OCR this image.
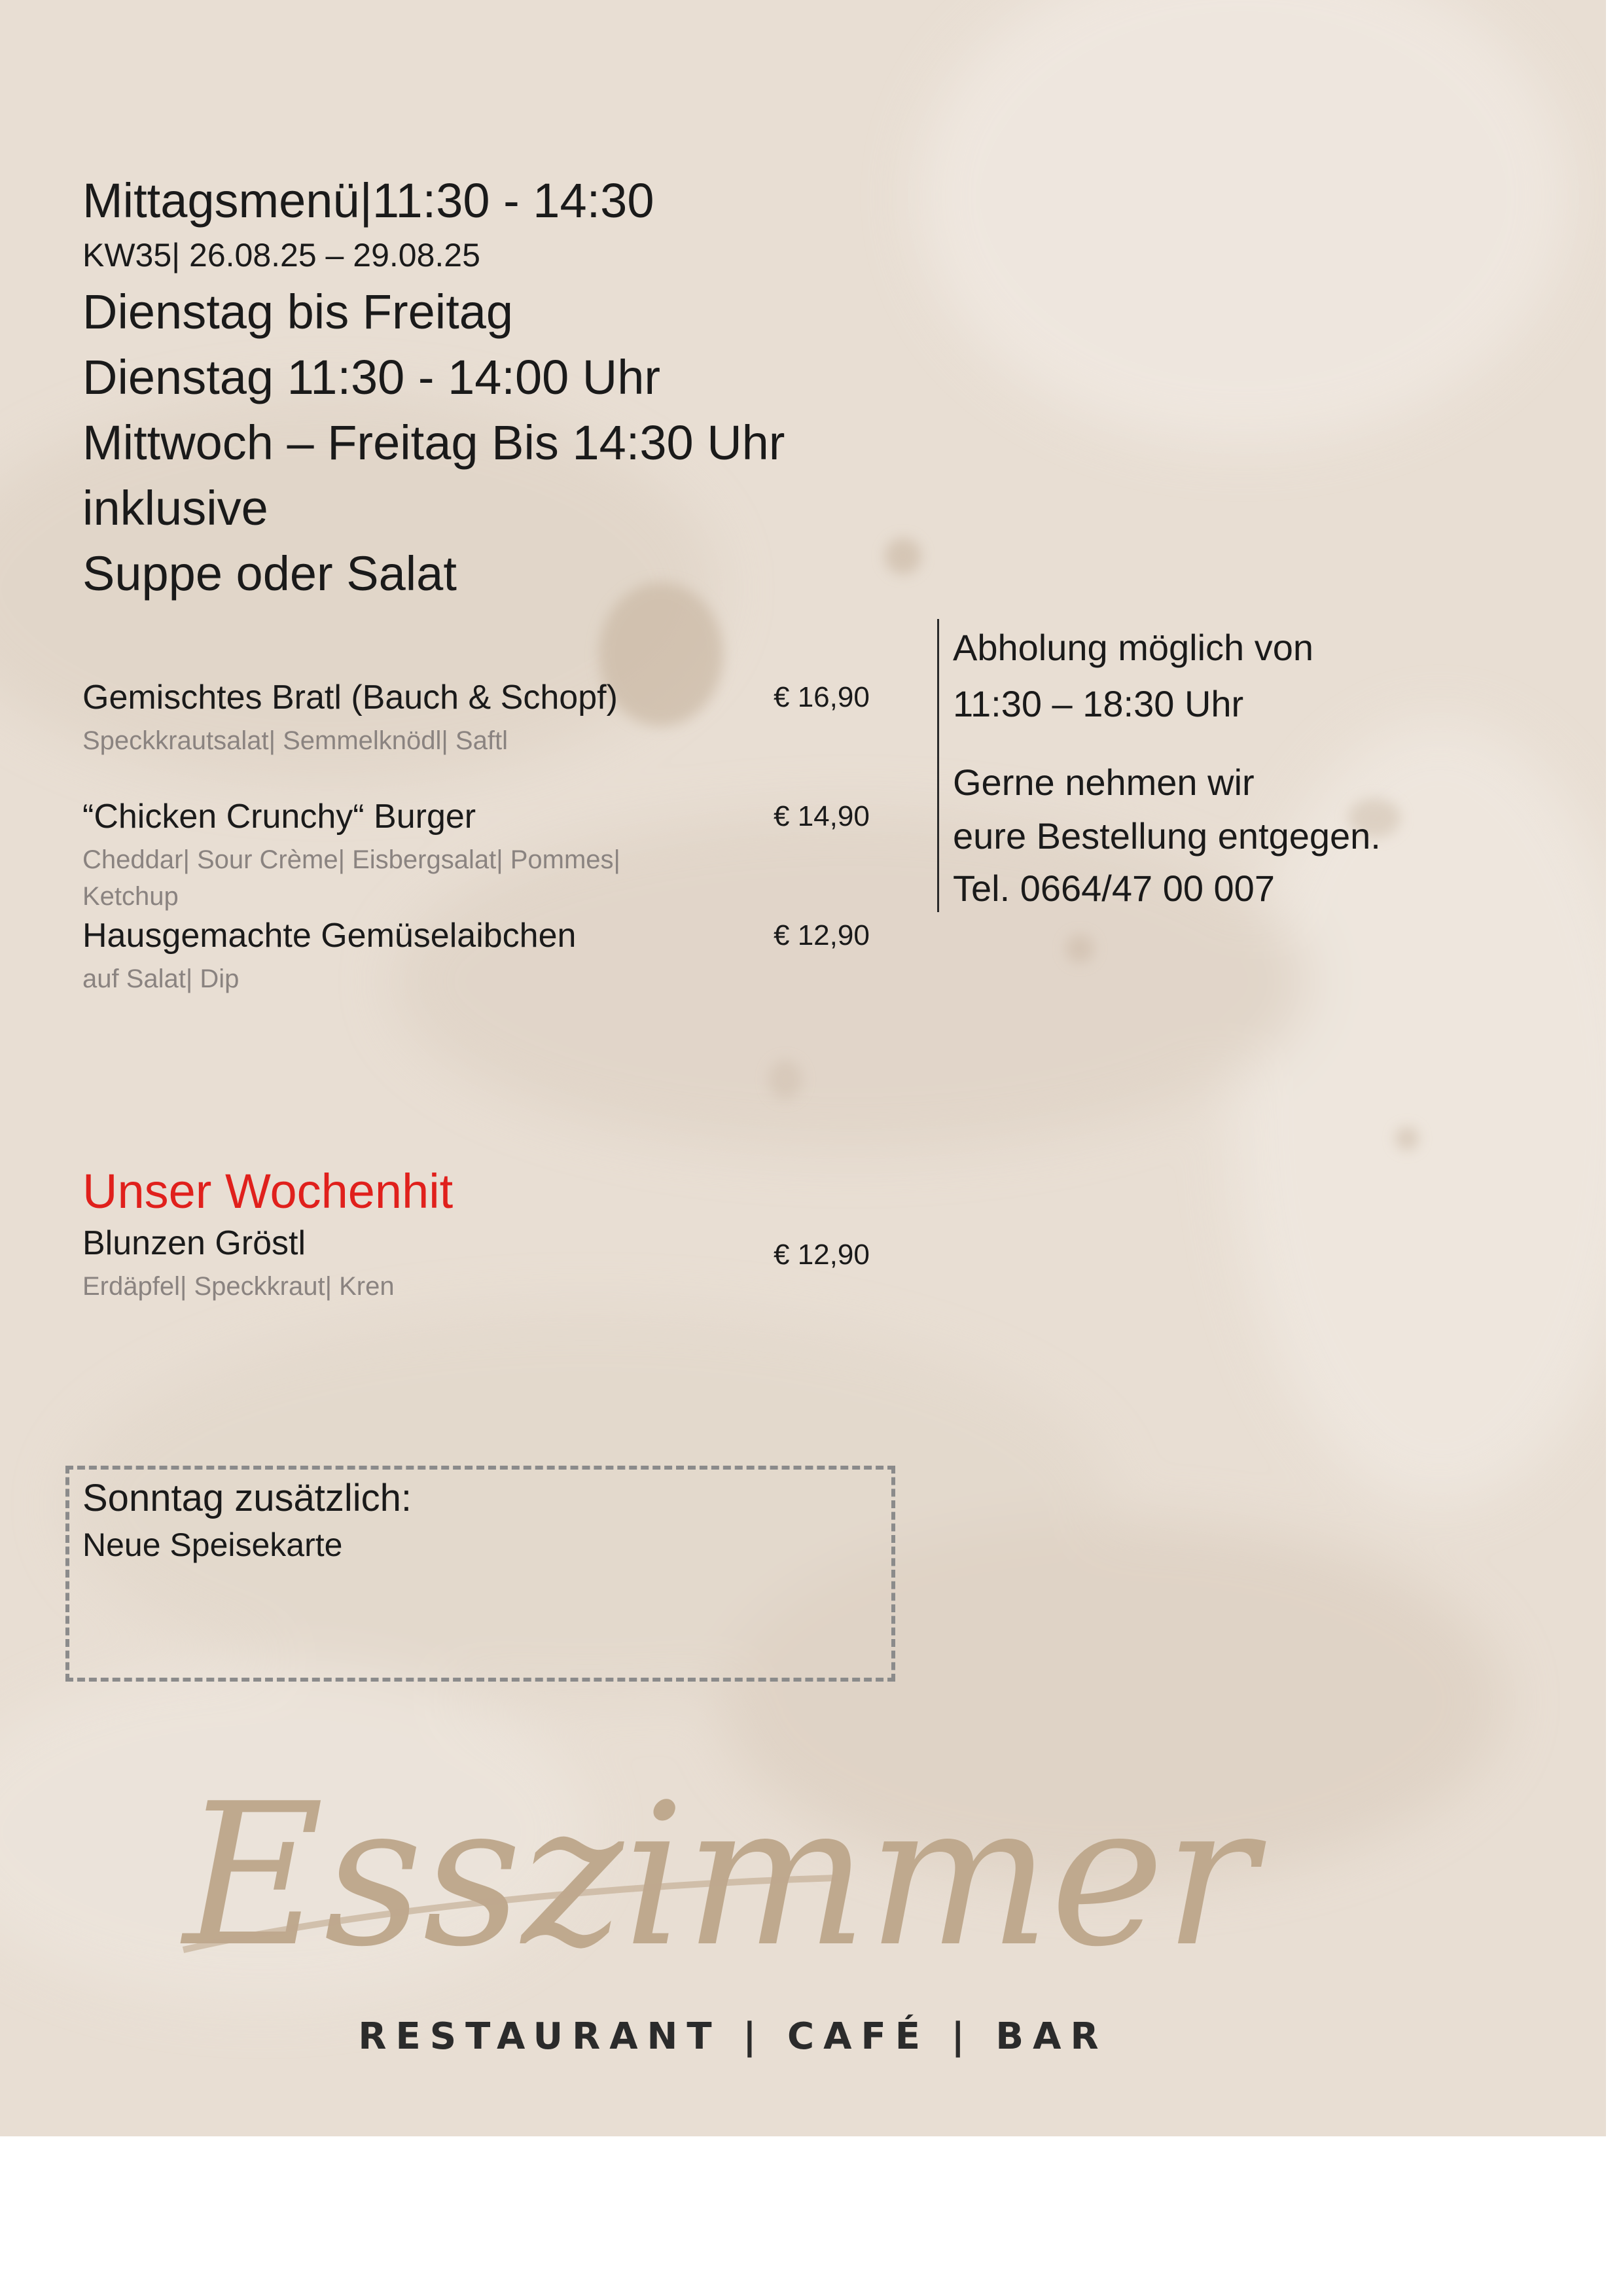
Mittagsmenü|11:30 - 14:30
KW35| 26.08.25 – 29.08.25
Dienstag bis Freitag
Dienstag 11:30 - 14:00 Uhr
Mittwoch – Freitag Bis 14:30 Uhr
inklusive
Suppe oder Salat
Gemischtes Bratl (Bauch & Schopf)	€ 16,90
Speckkrautsalat| Semmelknödl| Saftl
“Chicken Crunchy“ Burger	€ 14,90
Cheddar| Sour Crème| Eisbergsalat| Pommes|
Ketchup
Hausgemachte Gemüselaibchen	€ 12,90
auf Salat| Dip
Abholung möglich von
11:30 – 18:30 Uhr
Gerne nehmen wir
eure Bestellung entgegen.
Tel. 0664/47 00 007
Unser Wochenhit
Blunzen Gröstl	€ 12,90
Erdäpfel| Speckkraut| Kren
Sonntag zusätzlich:
Neue Speisekarte
Esszimmer
RESTAURANT | CAFÉ | BAR
